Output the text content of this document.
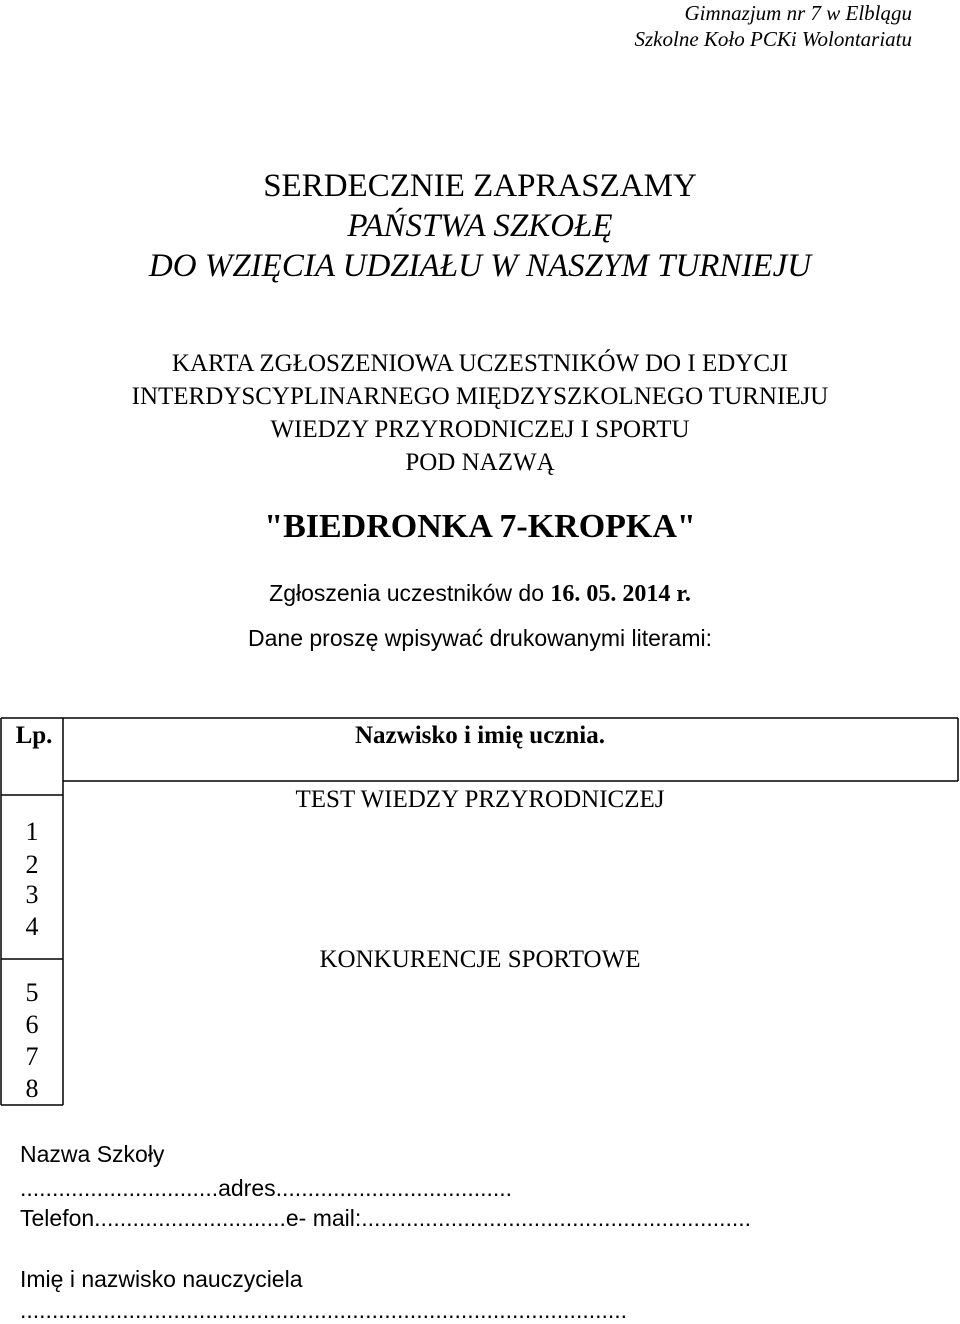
Gimnazjum nr 7 w Elblągu
Szkolne Koło PCKi Wolontariatu
SERDECZNIE ZAPRASZAMY
PAŃSTWA SZKOŁĘ
DO WZIĘCIA UDZIAŁU W NASZYM TURNIEJU
KARTA ZGŁOSZENIOWA UCZESTNIKÓW DO I EDYCJI
INTERDYSCYPLINARNEGO MIĘDZYSZKOLNEGO TURNIEJU
WIEDZY PRZYRODNICZEJ I SPORTU
POD NAZWĄ
"BIEDRONKA 7-KROPKA"
Zgłoszenia uczestników do 16. 05. 2014 r.
Dane proszę wpisywać drukowanymi literami:
Lp.	Nazwisko i imię ucznia.
TEST WIEDZY PRZYRODNICZEJ
KONKURENCJE SPORTOWE
1
2
3
4
5
6
7
8
Nazwa Szkoły
...............................adres.....................................
Telefon..............................e- mail:.............................................................
Imię i nazwisko nauczyciela
...............................................................................................
